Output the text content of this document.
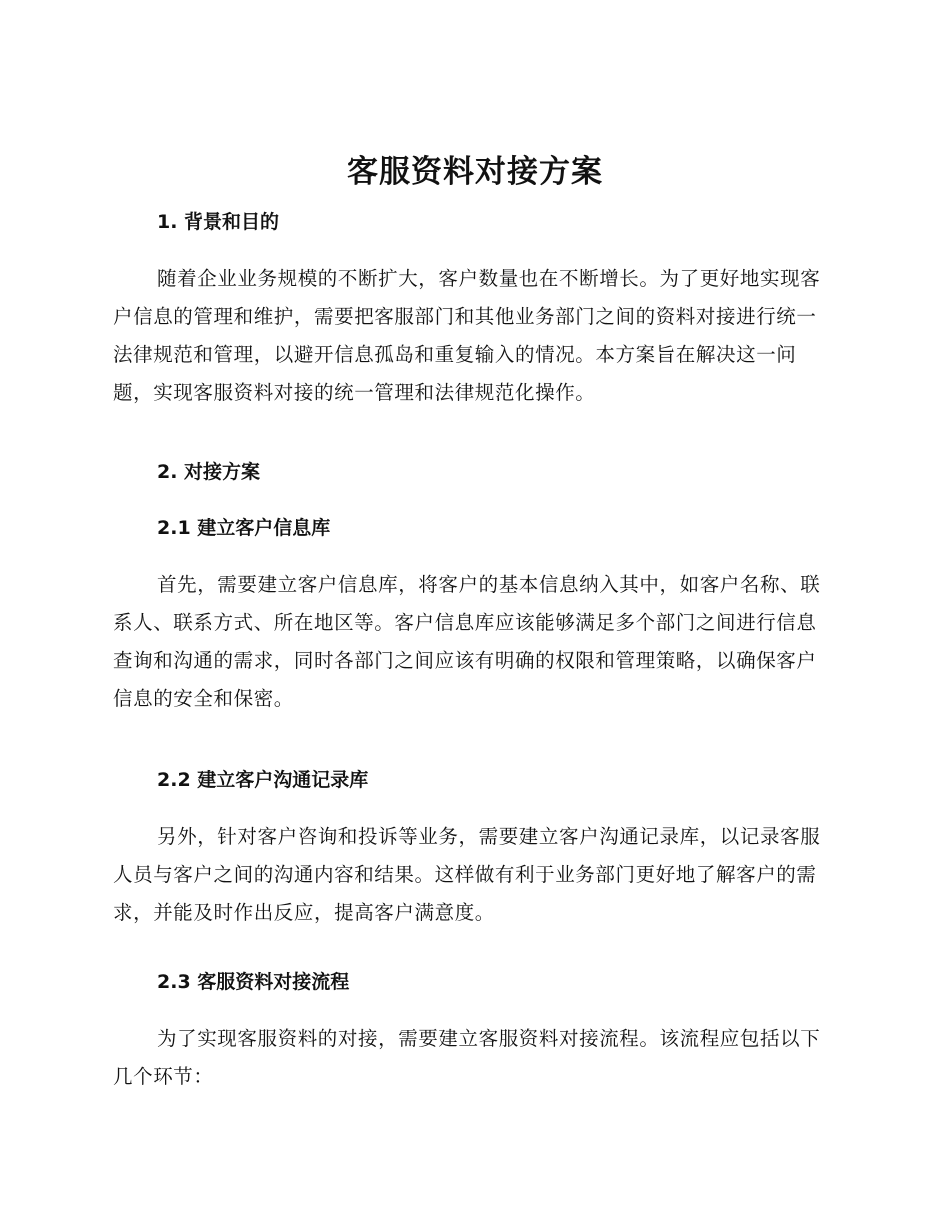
客服资料对接方案
1. 背景和目的
随着企业业务规模的不断扩大，客户数量也在不断增长。为了更好地实现客户信息的管理和维护，需要把客服部门和其他业务部门之间的资料对接进行统一法律规范和管理，以避开信息孤岛和重复输入的情况。本方案旨在解决这一问题，实现客服资料对接的统一管理和法律规范化操作。
2. 对接方案
2.1 建立客户信息库
首先，需要建立客户信息库，将客户的基本信息纳入其中，如客户名称、联系人、联系方式、所在地区等。客户信息库应该能够满足多个部门之间进行信息查询和沟通的需求，同时各部门之间应该有明确的权限和管理策略，以确保客户信息的安全和保密。
2.2 建立客户沟通记录库
另外，针对客户咨询和投诉等业务，需要建立客户沟通记录库，以记录客服人员与客户之间的沟通内容和结果。这样做有利于业务部门更好地了解客户的需求，并能及时作出反应，提高客户满意度。
2.3 客服资料对接流程
为了实现客服资料的对接，需要建立客服资料对接流程。该流程应包括以下几个环节：
